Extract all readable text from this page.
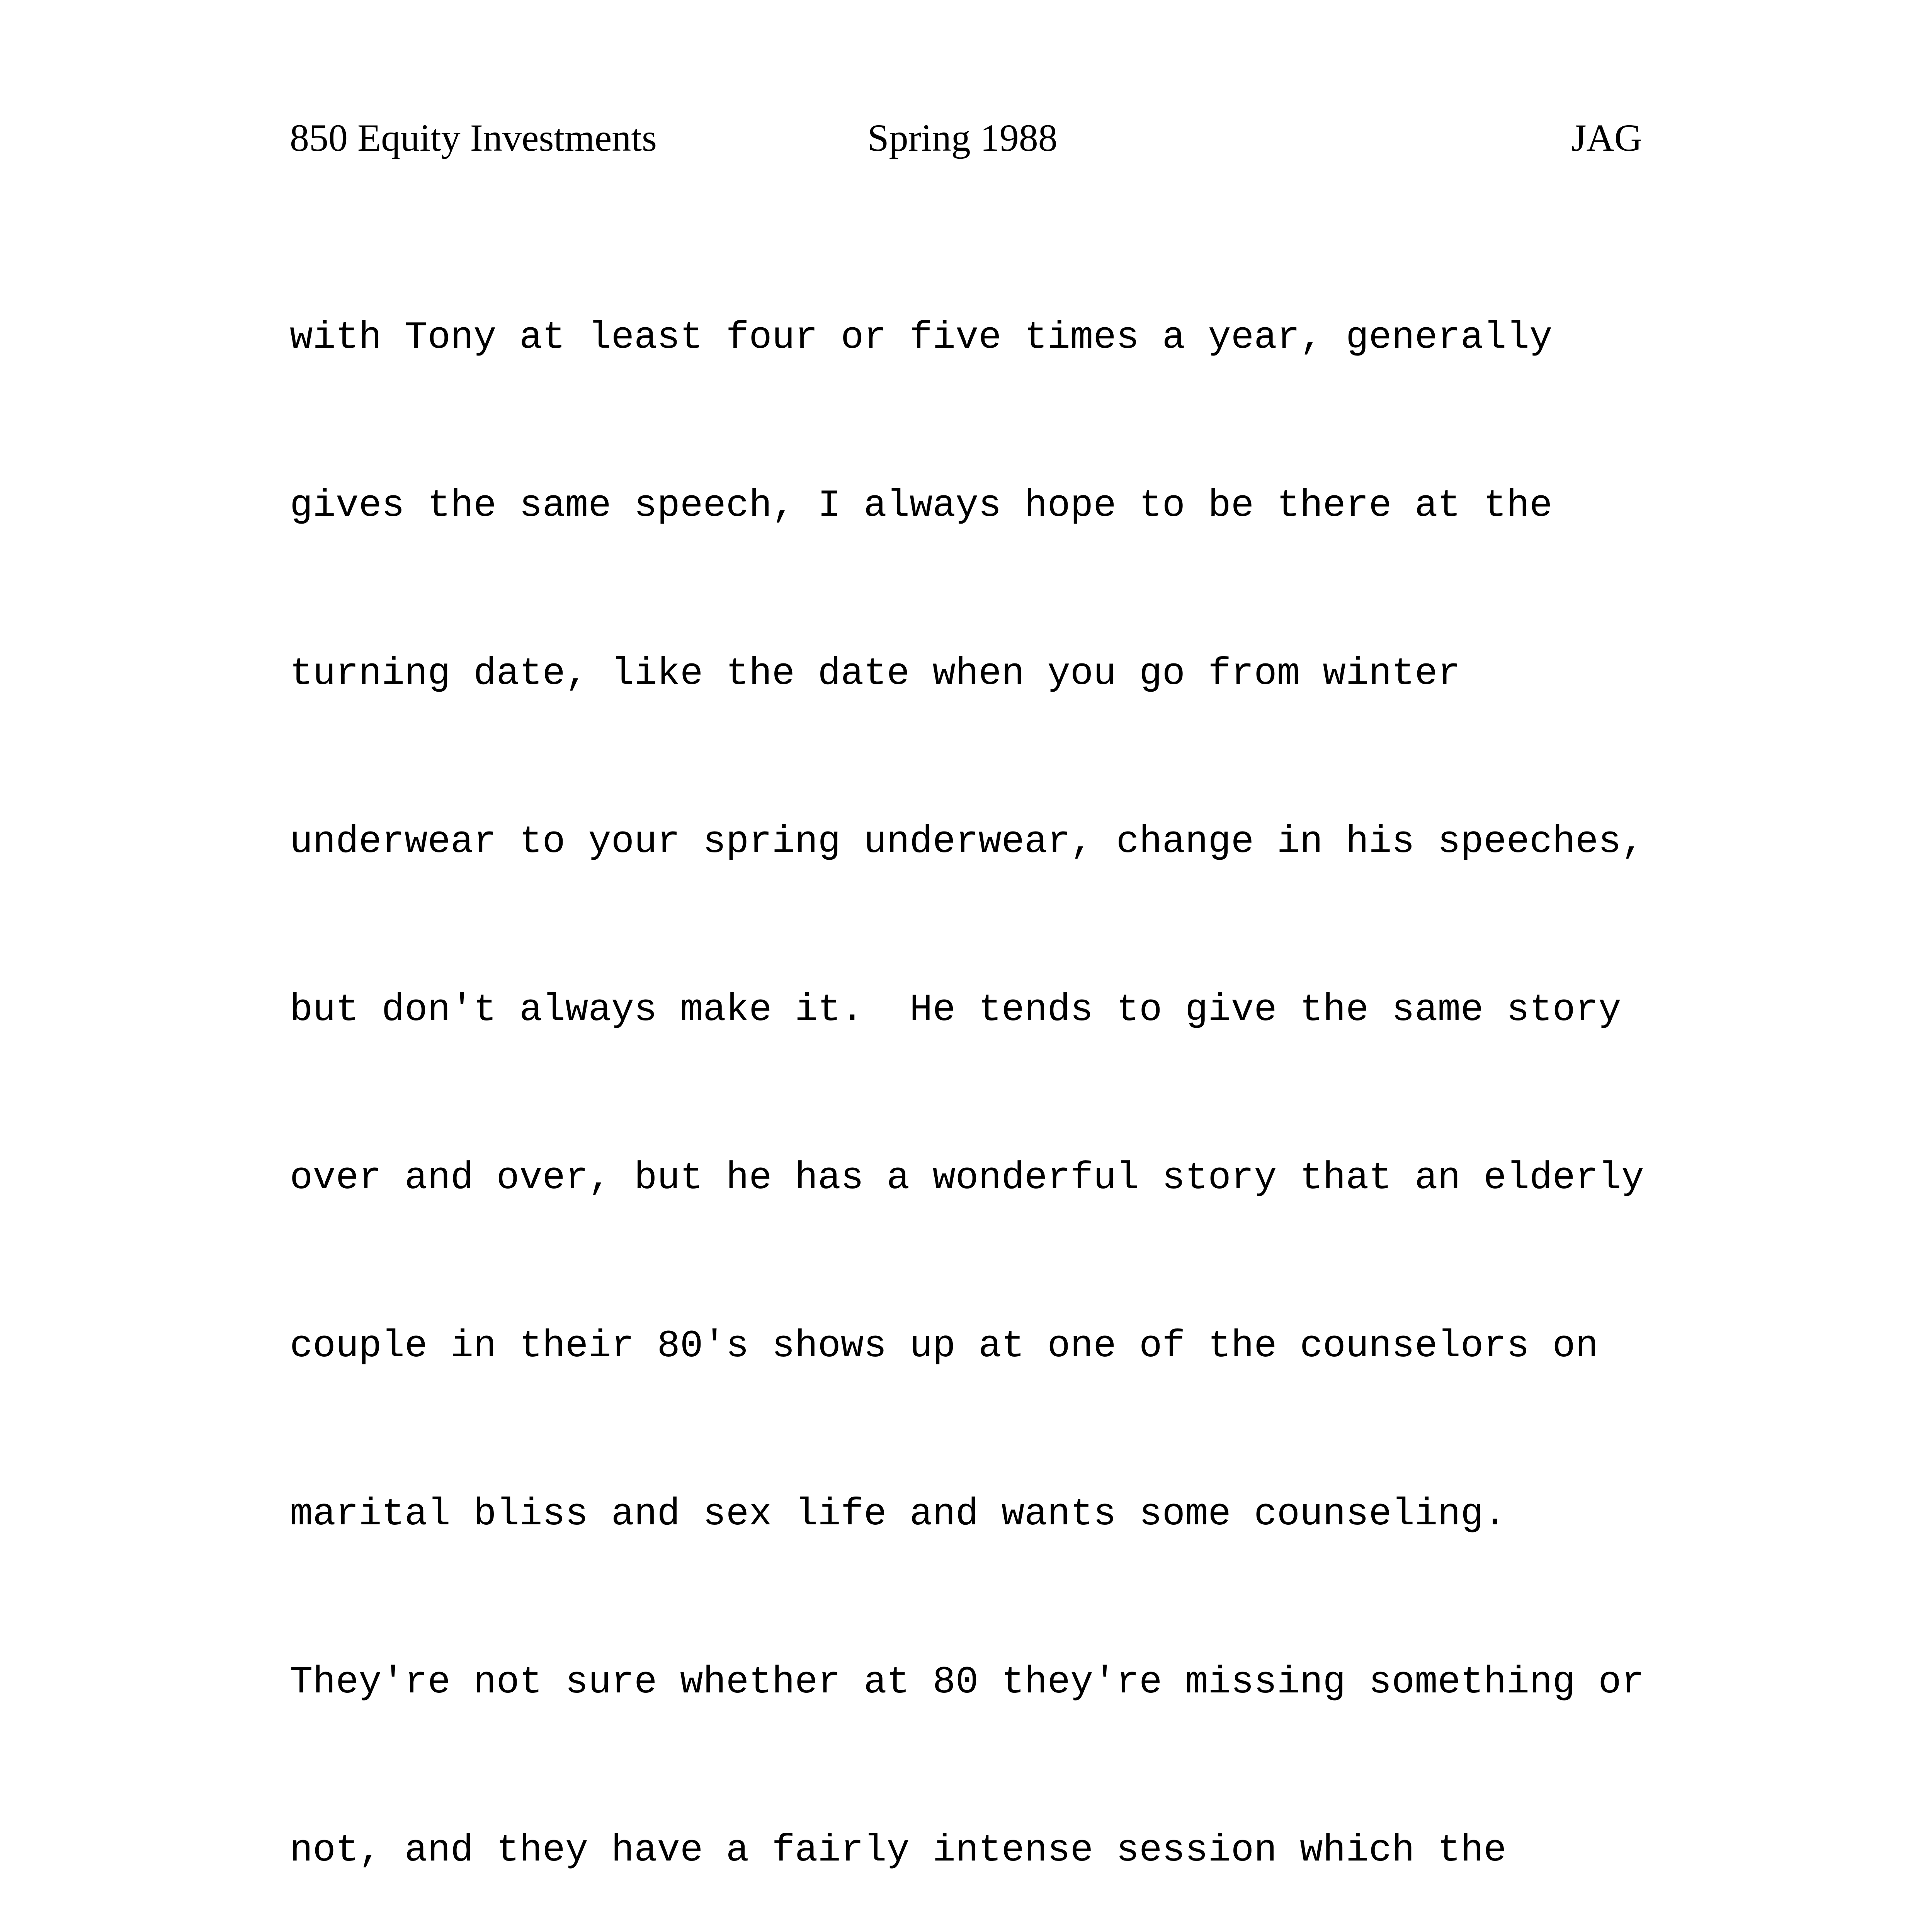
850 Equity Investments	Spring 1988	JAG

with Tony at least four or five times a year, generally

gives the same speech, I always hope to be there at the

turning date, like the date when you go from winter

underwear to your spring underwear, change in his speeches,

but don't always make it.  He tends to give the same story

over and over, but he has a wonderful story that an elderly

couple in their 80's shows up at one of the counselors on

marital bliss and sex life and wants some counseling.

They're not sure whether at 80 they're missing something or

not, and they have a fairly intense session which the
